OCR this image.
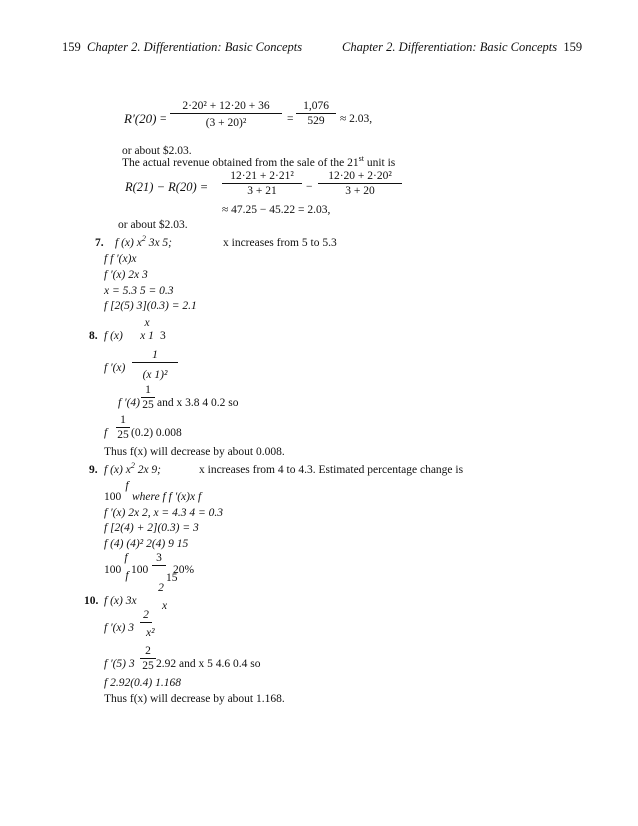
159 Chapter 2. Differentiation: Basic Concepts	Chapter 2. Differentiation: Basic Concepts 159
R′(20) =
2·20² + 12·20 + 36
(3 + 20)²	=
1,076
529	≈ 2.03,
or about $2.03.
The actual revenue obtained from the sale of the 21st unit is
R(21) − R(20) =
12·21 + 2·21²
3 + 21	−
12·20 + 2·20²
3 + 20
≈ 47.25 − 45.22 = 2.03,
or about $2.03.
7. f (x) $x^2$ 3x 5;	x increases from 5 to 5.3
f f ′(x)x
f ′(x) 2x 3
x = 5.3 5 = 0.3
f [2(5) 3](0.3) = 2.1
8. f (x)
x
x 1 3
f ′(x)
1
(x 1)²
f ′(4)
1
25 and x 3.8 4 0.2 so
f
1
25 (0.2) 0.008
Thus f(x) will decrease by about 0.008.
9. f (x) $x^2$ 2x 9;	x increases from 4 to 4.3. Estimated percentage change is
100
f
where f f ′(x)x f
f ′(x) 2x 2, x = 4.3 4 = 0.3
f [2(4) + 2](0.3) = 3
f (4) (4)² 2(4) 9 15
100
f
f 100
3
15
20%
10. f (x) 3x
2
x
f ′(x) 3
2
x²
f ′(5) 3
2
25 2.92 and x 5 4.6 0.4 so
f 2.92(0.4) 1.168
Thus f(x) will decrease by about 1.168.
